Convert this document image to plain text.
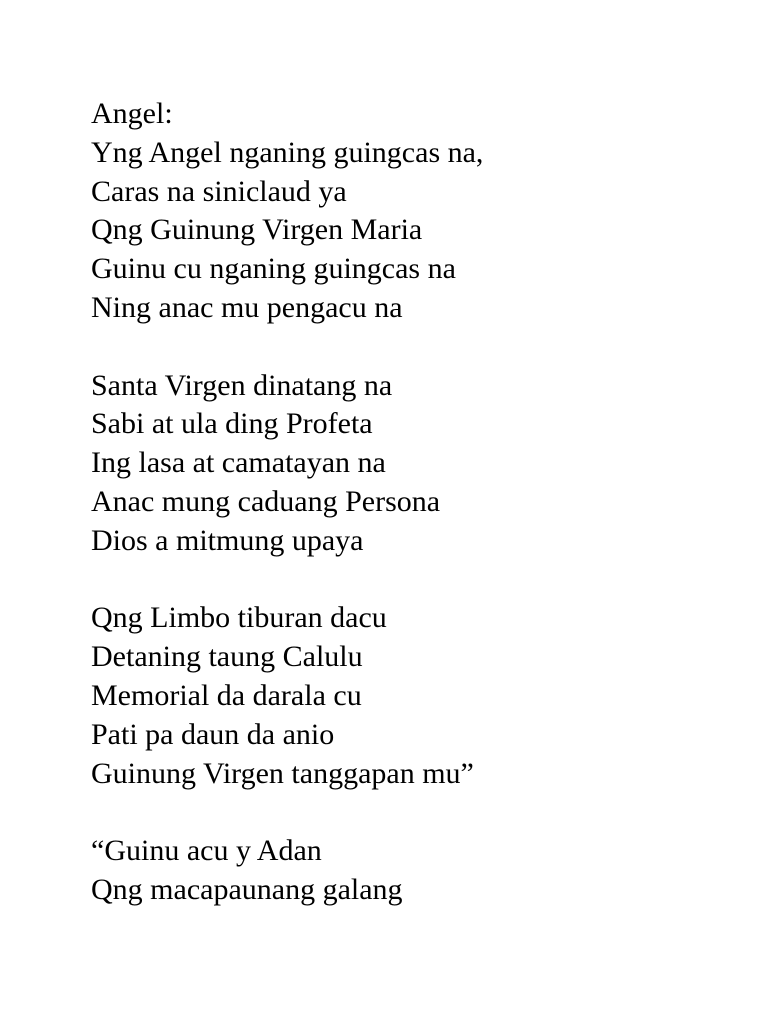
Angel:
Yng Angel nganing guingcas na,
Caras na siniclaud ya
Qng Guinung Virgen Maria
Guinu cu nganing guingcas na
Ning anac mu pengacu na
Santa Virgen dinatang na
Sabi at ula ding Profeta
Ing lasa at camatayan na
Anac mung caduang Persona
Dios a mitmung upaya
Qng Limbo tiburan dacu
Detaning taung Calulu
Memorial da darala cu
Pati pa daun da anio
Guinung Virgen tanggapan mu”
“Guinu acu y Adan
Qng macapaunang galang
